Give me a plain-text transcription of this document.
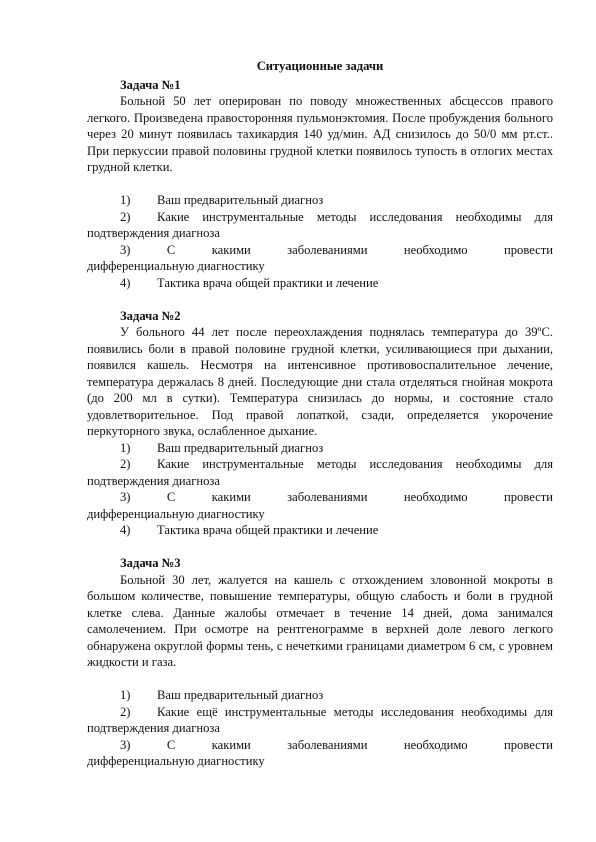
Ситуационные задачи

Задача №1

Больной 50 лет оперирован по поводу множественных абсцессов правого легкого. Произведена правосторонняя пульмонэктомия. После пробуждения больного через 20 минут появилась тахикардия 140 уд/мин. АД снизилось до 50/0 мм рт.ст.. При перкуссии правой половины грудной клетки появилось тупость в отлогих местах грудной клетки.

1)	Ваш предварительный диагноз
2)	Какие инструментальные методы исследования необходимы для подтверждения диагноза
3)	С	какими	заболеваниями	необходимо	провести
дифференциальную диагностику
4)	Тактика врача общей практики и лечение

Задача №2

У больного 44 лет после переохлаждения поднялась температура до 39ºС. появились боли в правой половине грудной клетки, усиливающиеся при дыхании, появился кашель. Несмотря на интенсивное противовоспалительное лечение, температура держалась 8 дней. Последующие дни стала отделяться гнойная мокрота (до 200 мл в сутки). Температура снизилась до нормы, и состояние стало удовлетворительное. Под правой лопаткой, сзади, определяется укорочение перкуторного звука, ослабленное дыхание.

1)	Ваш предварительный диагноз
2)	Какие инструментальные методы исследования необходимы для подтверждения диагноза
3)	С	какими	заболеваниями	необходимо	провести
дифференциальную диагностику
4)	Тактика врача общей практики и лечение

Задача №3

Больной 30 лет, жалуется на кашель с отхождением зловонной мокроты в большом количестве, повышение температуры, общую слабость и боли в грудной клетке слева. Данные жалобы отмечает в течение 14 дней, дома занимался самолечением. При осмотре на рентгенограмме в верхней доле левого легкого обнаружена округлой формы тень, с нечеткими границами диаметром 6 см, с уровнем жидкости и газа.

1)	Ваш предварительный диагноз
2)	Какие ещё инструментальные методы исследования необходимы для подтверждения диагноза
3)	С	какими	заболеваниями	необходимо	провести
дифференциальную диагностику
